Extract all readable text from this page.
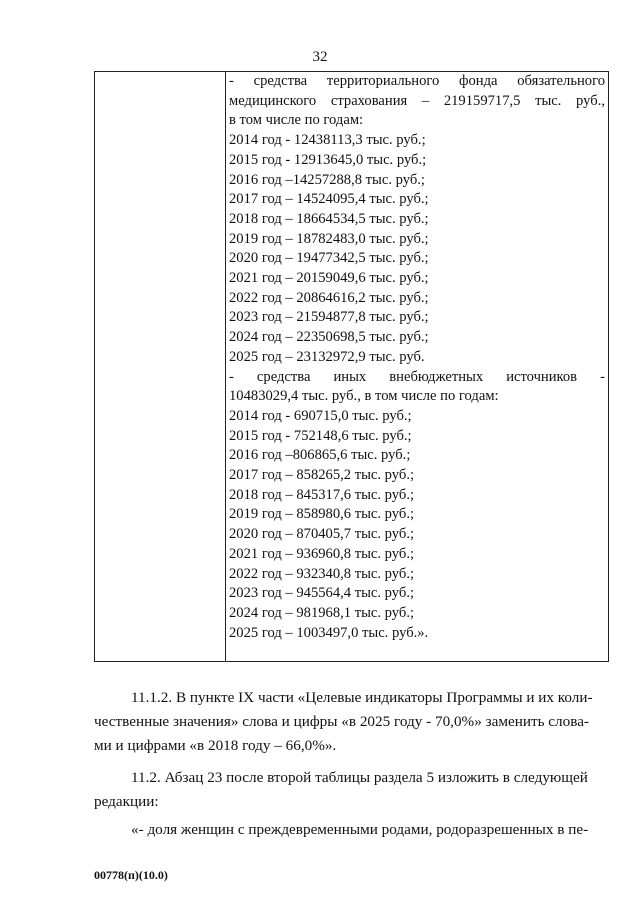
32
- средства территориального фонда обязательного
медицинского страхования – 219159717,5 тыс. руб.,
в том числе по годам:
2014 год - 12438113,3 тыс. руб.;
2015 год - 12913645,0 тыс. руб.;
2016 год –14257288,8 тыс. руб.;
2017 год – 14524095,4 тыс. руб.;
2018 год – 18664534,5 тыс. руб.;
2019 год – 18782483,0 тыс. руб.;
2020 год – 19477342,5 тыс. руб.;
2021 год – 20159049,6 тыс. руб.;
2022 год – 20864616,2 тыс. руб.;
2023 год – 21594877,8 тыс. руб.;
2024 год – 22350698,5 тыс. руб.;
2025 год – 23132972,9 тыс. руб.
- средства иных внебюджетных источников -
10483029,4 тыс. руб., в том числе по годам:
2014 год - 690715,0 тыс. руб.;
2015 год - 752148,6 тыс. руб.;
2016 год –806865,6 тыс. руб.;
2017 год – 858265,2 тыс. руб.;
2018 год – 845317,6 тыс. руб.;
2019 год – 858980,6 тыс. руб.;
2020 год – 870405,7 тыс. руб.;
2021 год – 936960,8 тыс. руб.;
2022 год – 932340,8 тыс. руб.;
2023 год – 945564,4 тыс. руб.;
2024 год – 981968,1 тыс. руб.;
2025 год – 1003497,0 тыс. руб.».
11.1.2. В пункте IX части «Целевые индикаторы Программы и их коли-
чественные значения» слова и цифры «в 2025 году - 70,0%» заменить слова-
ми и цифрами «в 2018 году – 66,0%».
11.2. Абзац 23 после второй таблицы раздела 5 изложить в следующей
редакции:
«- доля женщин с преждевременными родами, родоразрешенных в пе-
00778(п)(10.0)
